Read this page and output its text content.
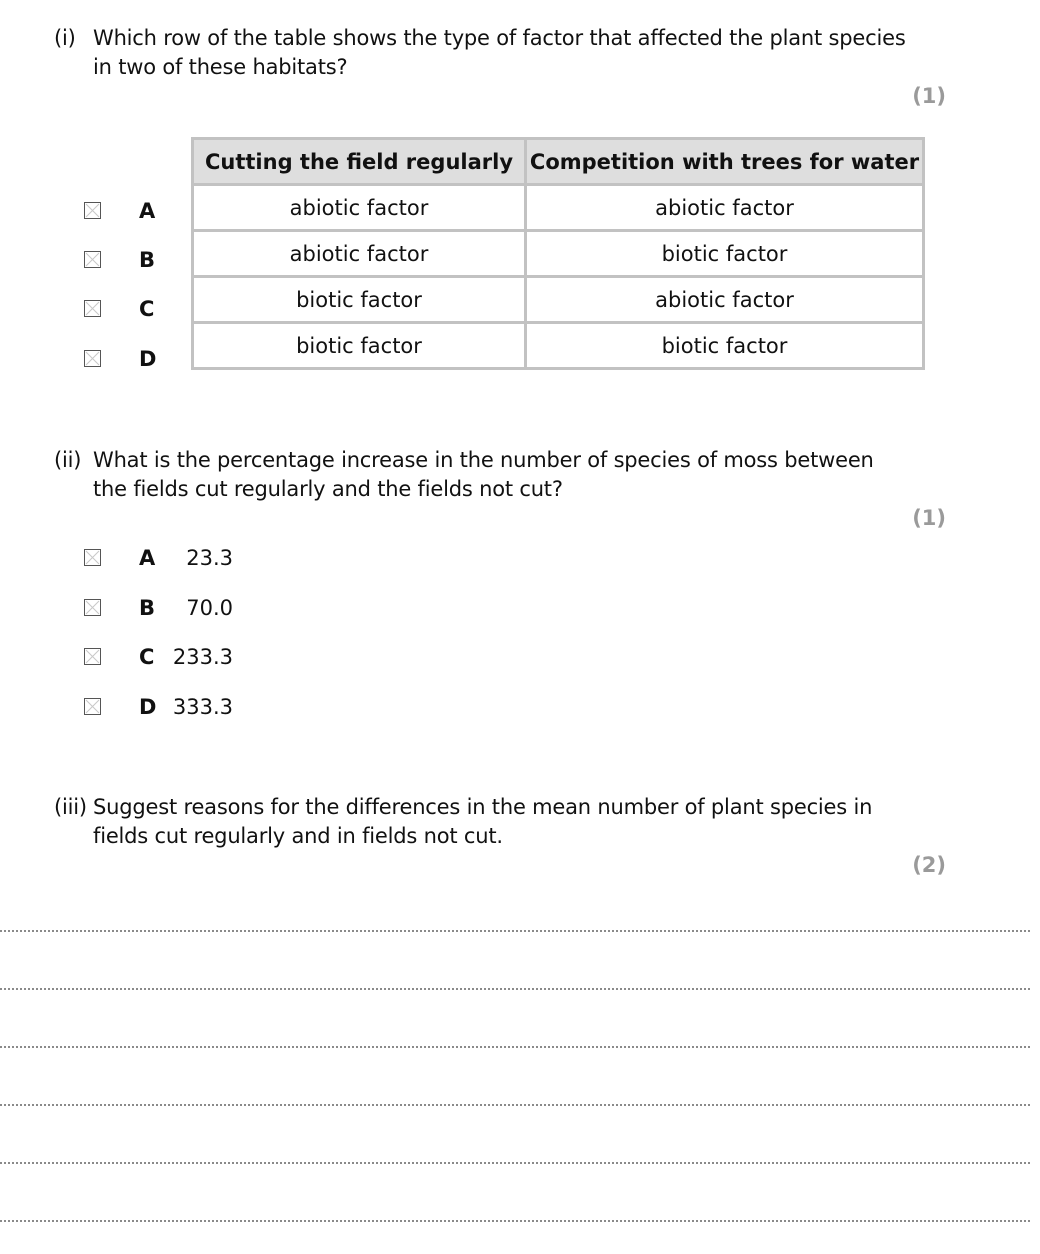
(i) Which row of the table shows the type of factor that affected the plant species
in two of these habitats?
(1)
A
B
C
D
Cutting the field regularly	Competition with trees for water
abiotic factor	abiotic factor
abiotic factor	biotic factor
biotic factor	abiotic factor
biotic factor	biotic factor
(ii) What is the percentage increase in the number of species of moss between
the fields cut regularly and the fields not cut?
(1)
A	23.3
B	70.0
C 233.3
D 333.3
(iii) Suggest reasons for the differences in the mean number of plant species in
fields cut regularly and in fields not cut.
(2)
